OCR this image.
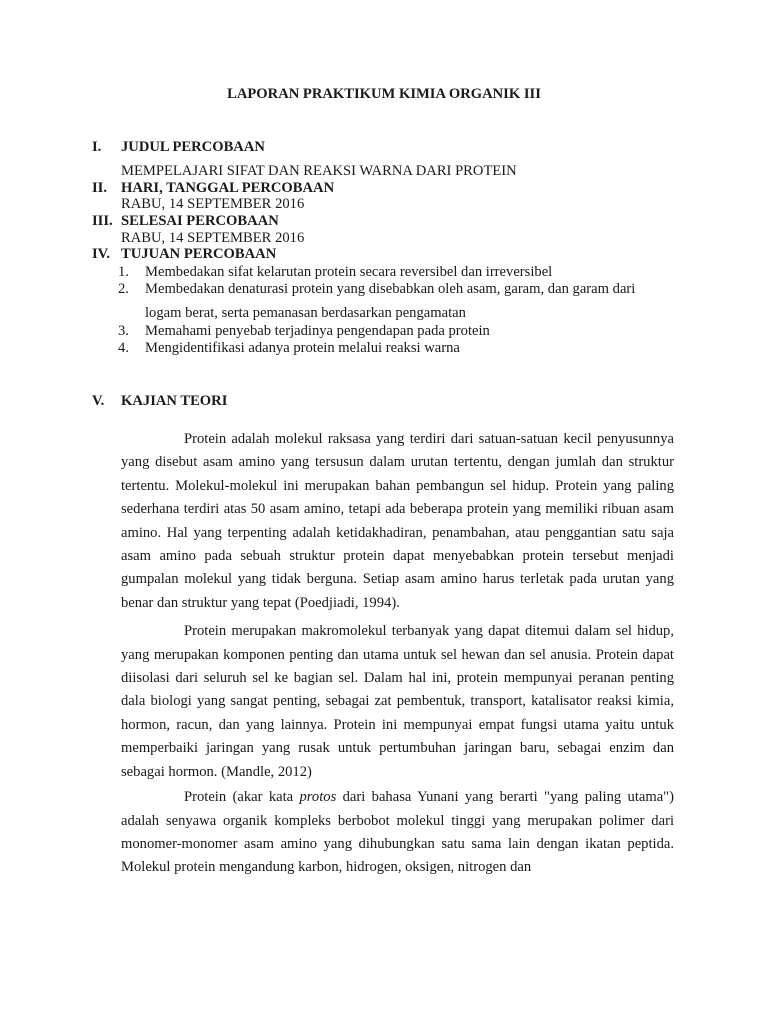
LAPORAN PRAKTIKUM KIMIA ORGANIK III
I. JUDUL PERCOBAAN
MEMPELAJARI SIFAT DAN REAKSI WARNA DARI PROTEIN
II. HARI, TANGGAL PERCOBAAN
RABU, 14 SEPTEMBER 2016
III. SELESAI PERCOBAAN
RABU, 14 SEPTEMBER 2016
IV. TUJUAN PERCOBAAN
1. Membedakan sifat kelarutan protein secara reversibel dan irreversibel
2. Membedakan denaturasi protein yang disebabkan oleh asam, garam, dan garam dari
logam berat, serta pemanasan berdasarkan pengamatan
3. Memahami penyebab terjadinya pengendapan pada protein
4. Mengidentifikasi adanya protein melalui reaksi warna
V. KAJIAN TEORI

Protein adalah molekul raksasa yang terdiri dari satuan-satuan kecil penyusunnya yang disebut asam amino yang tersusun dalam urutan tertentu, dengan jumlah dan struktur tertentu. Molekul-molekul ini merupakan bahan pembangun sel hidup. Protein yang paling sederhana terdiri atas 50 asam amino, tetapi ada beberapa protein yang memiliki ribuan asam amino. Hal yang terpenting adalah ketidakhadiran, penambahan, atau penggantian satu saja asam amino pada sebuah struktur protein dapat menyebabkan protein tersebut menjadi gumpalan molekul yang tidak berguna. Setiap asam amino harus terletak pada urutan yang benar dan struktur yang tepat (Poedjiadi, 1994).

Protein merupakan makromolekul terbanyak yang dapat ditemui dalam sel hidup, yang merupakan komponen penting dan utama untuk sel hewan dan sel anusia. Protein dapat diisolasi dari seluruh sel ke bagian sel. Dalam hal ini, protein mempunyai peranan penting dala biologi yang sangat penting, sebagai zat pembentuk, transport, katalisator reaksi kimia, hormon, racun, dan yang lainnya. Protein ini mempunyai empat fungsi utama yaitu untuk memperbaiki jaringan yang rusak untuk pertumbuhan jaringan baru, sebagai enzim dan sebagai hormon. (Mandle, 2012)

Protein (akar kata protos dari bahasa Yunani yang berarti "yang paling utama") adalah senyawa organik kompleks berbobot molekul tinggi yang merupakan polimer dari monomer-monomer asam amino yang dihubungkan satu sama lain dengan ikatan peptida. Molekul protein mengandung karbon, hidrogen, oksigen, nitrogen dan
